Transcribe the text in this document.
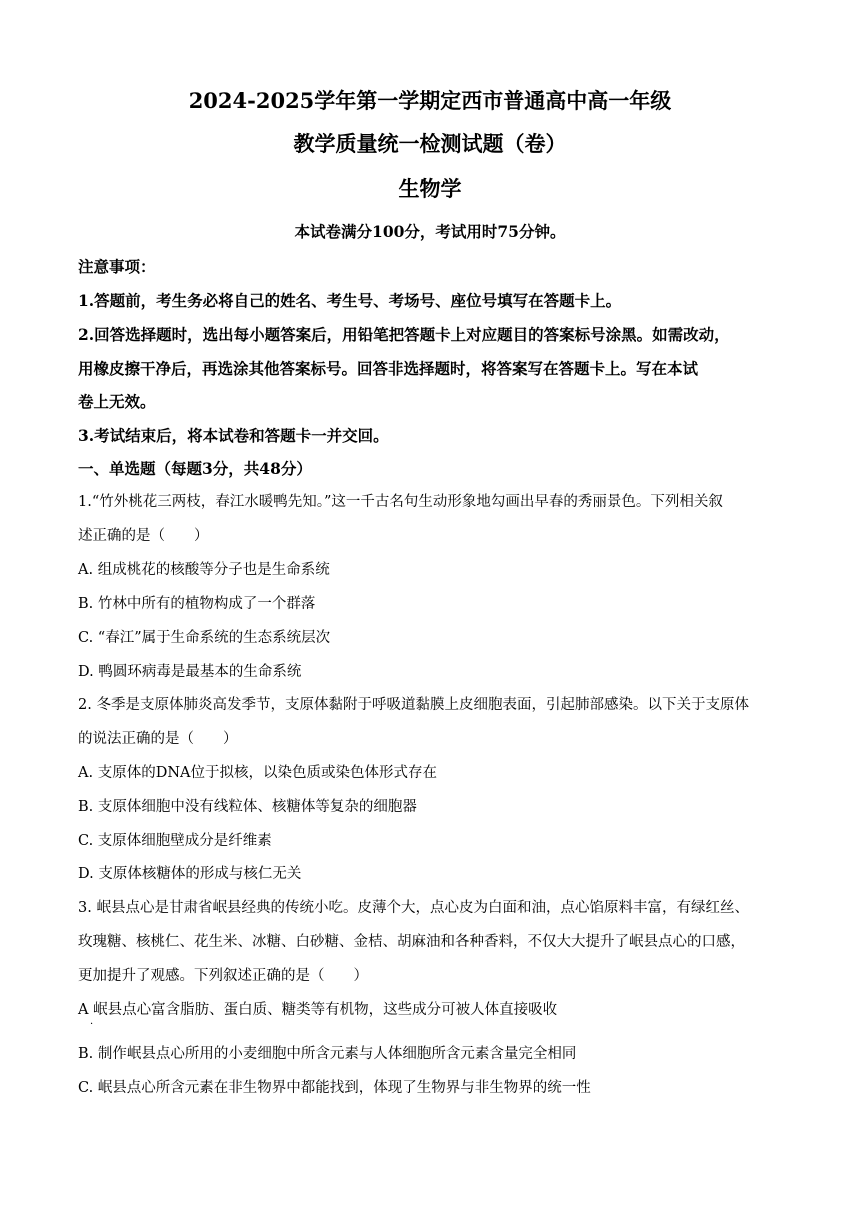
2024-2025学年第一学期定西市普通高中高一年级
教学质量统一检测试题（卷）
生物学
本试卷满分100分，考试用时75分钟。
注意事项：
1.答题前，考生务必将自己的姓名、考生号、考场号、座位号填写在答题卡上。
2.回答选择题时，选出每小题答案后，用铅笔把答题卡上对应题目的答案标号涂黑。如需改动，
用橡皮擦干净后，再选涂其他答案标号。回答非选择题时，将答案写在答题卡上。写在本试
卷上无效。
3.考试结束后，将本试卷和答题卡一并交回。
一、单选题（每题3分，共48分）
1.“竹外桃花三两枝，春江水暖鸭先知。”这一千古名句生动形象地勾画出早春的秀丽景色。下列相关叙
述正确的是（　　）
A. 组成桃花的核酸等分子也是生命系统
B. 竹林中所有的植物构成了一个群落
C. “春江”属于生命系统的生态系统层次
D. 鸭圆环病毒是最基本的生命系统
2. 冬季是支原体肺炎高发季节，支原体黏附于呼吸道黏膜上皮细胞表面，引起肺部感染。以下关于支原体
的说法正确的是（　　）
A. 支原体的DNA位于拟核，以染色质或染色体形式存在
B. 支原体细胞中没有线粒体、核糖体等复杂的细胞器
C. 支原体细胞壁成分是纤维素
D. 支原体核糖体的形成与核仁无关
3. 岷县点心是甘肃省岷县经典的传统小吃。皮薄个大，点心皮为白面和油，点心馅原料丰富，有绿红丝、
玫瑰糖、核桃仁、花生米、冰糖、白砂糖、金桔、胡麻油和各种香料，不仅大大提升了岷县点心的口感，
更加提升了观感。下列叙述正确的是（　　）
A 岷县点心富含脂肪、蛋白质、糖类等有机物，这些成分可被人体直接吸收
·
B. 制作岷县点心所用的小麦细胞中所含元素与人体细胞所含元素含量完全相同
C. 岷县点心所含元素在非生物界中都能找到，体现了生物界与非生物界的统一性
